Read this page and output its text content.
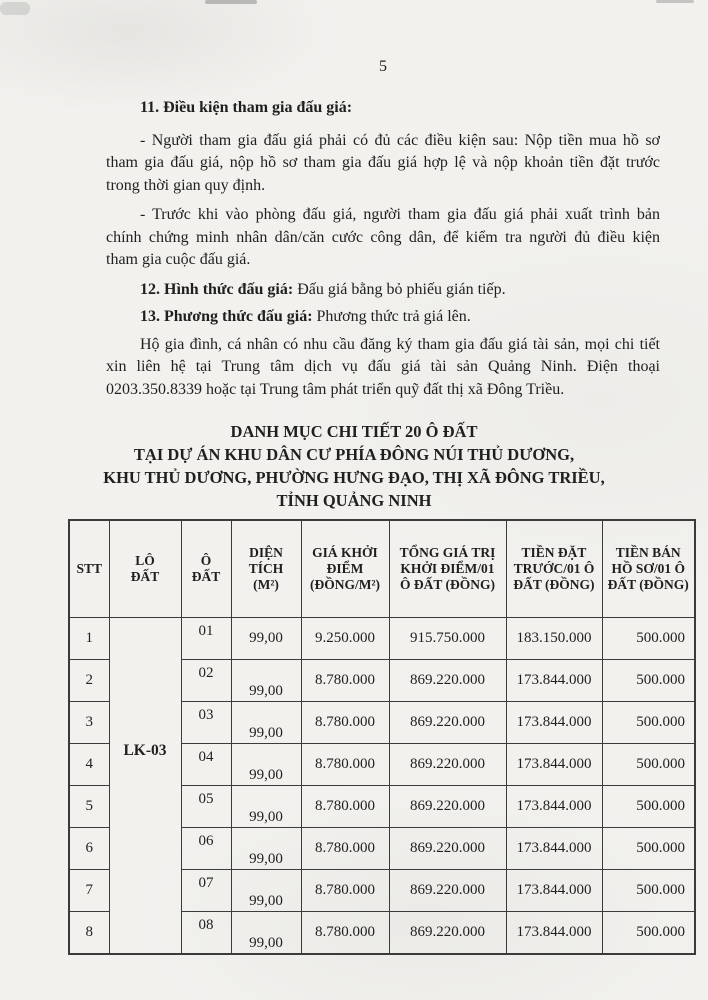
5
11. Điều kiện tham gia đấu giá:
- Người tham gia đấu giá phải có đủ các điều kiện sau: Nộp tiền mua hồ sơ
tham gia đấu giá, nộp hồ sơ tham gia đấu giá hợp lệ và nộp khoản tiền đặt trước
trong thời gian quy định.
- Trước khi vào phòng đấu giá, người tham gia đấu giá phải xuất trình bản
chính chứng minh nhân dân/căn cước công dân, để kiểm tra người đủ điều kiện
tham gia cuộc đấu giá.
12. Hình thức đấu giá: Đấu giá bằng bỏ phiếu gián tiếp.
13. Phương thức đấu giá: Phương thức trả giá lên.
Hộ gia đình, cá nhân có nhu cầu đăng ký tham gia đấu giá tài sản, mọi chi tiết
xin liên hệ tại Trung tâm dịch vụ đấu giá tài sản Quảng Ninh. Điện thoại
0203.350.8339 hoặc tại Trung tâm phát triển quỹ đất thị xã Đông Triều.
DANH MỤC CHI TIẾT 20 Ô ĐẤT
TẠI DỰ ÁN KHU DÂN CƯ PHÍA ĐÔNG NÚI THỦ DƯƠNG,
KHU THỦ DƯƠNG, PHƯỜNG HƯNG ĐẠO, THỊ XÃ ĐÔNG TRIỀU,
TỈNH QUẢNG NINH
STT	LÔ ĐẤT	Ô ĐẤT	DIỆN TÍCH (M²)	GIÁ KHỞI ĐIỂM (ĐỒNG/M²)	TỔNG GIÁ TRỊ KHỞI ĐIỂM/01 Ô ĐẤT (ĐỒNG)	TIỀN ĐẶT TRƯỚC/01 Ô ĐẤT (ĐỒNG)	TIỀN BÁN HỒ SƠ/01 Ô ĐẤT (ĐỒNG)
1	LK-03	01	99,00	9.250.000	915.750.000	183.150.000	500.000
2		02	99,00	8.780.000	869.220.000	173.844.000	500.000
3		03	99,00	8.780.000	869.220.000	173.844.000	500.000
4		04	99,00	8.780.000	869.220.000	173.844.000	500.000
5		05	99,00	8.780.000	869.220.000	173.844.000	500.000
6		06	99,00	8.780.000	869.220.000	173.844.000	500.000
7		07	99,00	8.780.000	869.220.000	173.844.000	500.000
8		08	99,00	8.780.000	869.220.000	173.844.000	500.000
